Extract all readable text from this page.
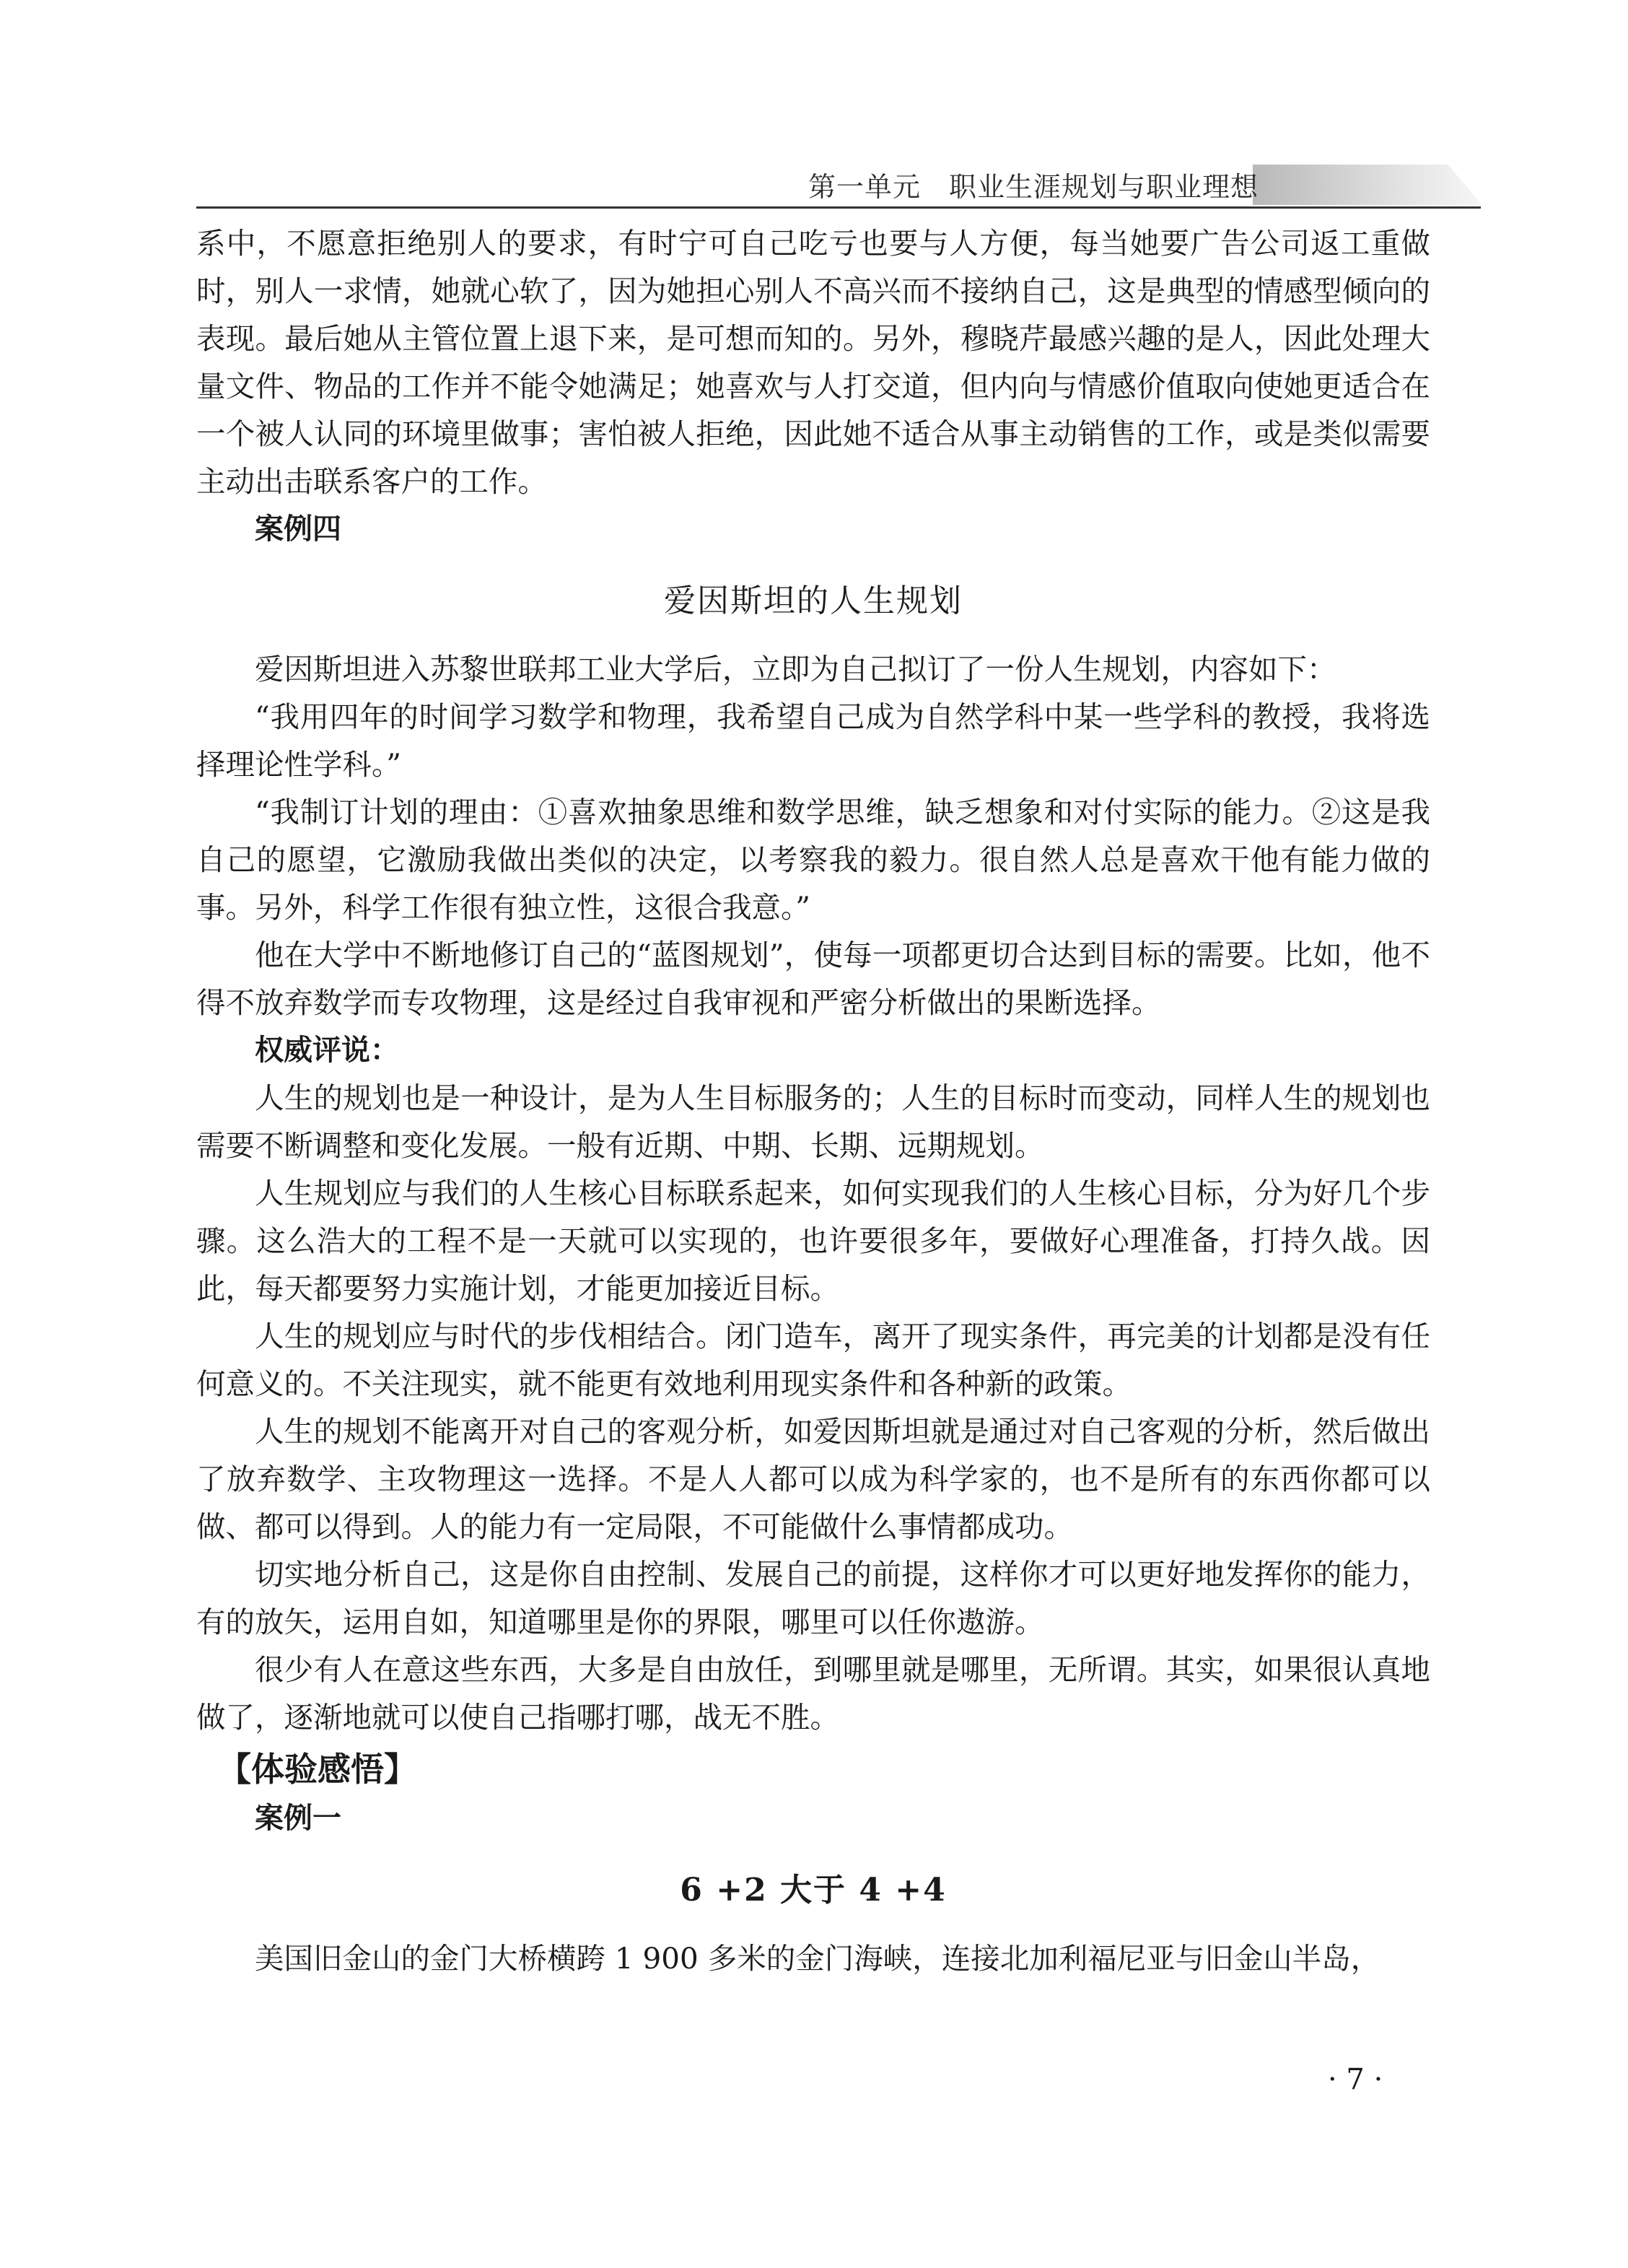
第一单元　职业生涯规划与职业理想

系中，不愿意拒绝别人的要求，有时宁可自己吃亏也要与人方便，每当她要广告公司返工重做时，别人一求情，她就心软了，因为她担心别人不高兴而不接纳自己，这是典型的情感型倾向的表现。最后她从主管位置上退下来，是可想而知的。另外，穆晓芹最感兴趣的是人，因此处理大量文件、物品的工作并不能令她满足；她喜欢与人打交道，但内向与情感价值取向使她更适合在一个被人认同的环境里做事；害怕被人拒绝，因此她不适合从事主动销售的工作，或是类似需要主动出击联系客户的工作。

案例四

爱因斯坦的人生规划

爱因斯坦进入苏黎世联邦工业大学后，立即为自己拟订了一份人生规划，内容如下：

“我用四年的时间学习数学和物理，我希望自己成为自然学科中某一些学科的教授，我将选择理论性学科。”

“我制订计划的理由：①喜欢抽象思维和数学思维，缺乏想象和对付实际的能力。②这是我自己的愿望，它激励我做出类似的决定，以考察我的毅力。很自然人总是喜欢干他有能力做的事。另外，科学工作很有独立性，这很合我意。”

他在大学中不断地修订自己的“蓝图规划”，使每一项都更切合达到目标的需要。比如，他不得不放弃数学而专攻物理，这是经过自我审视和严密分析做出的果断选择。

权威评说：

人生的规划也是一种设计，是为人生目标服务的；人生的目标时而变动，同样人生的规划也需要不断调整和变化发展。一般有近期、中期、长期、远期规划。

人生规划应与我们的人生核心目标联系起来，如何实现我们的人生核心目标，分为好几个步骤。这么浩大的工程不是一天就可以实现的，也许要很多年，要做好心理准备，打持久战。因此，每天都要努力实施计划，才能更加接近目标。

人生的规划应与时代的步伐相结合。闭门造车，离开了现实条件，再完美的计划都是没有任何意义的。不关注现实，就不能更有效地利用现实条件和各种新的政策。

人生的规划不能离开对自己的客观分析，如爱因斯坦就是通过对自己客观的分析，然后做出了放弃数学、主攻物理这一选择。不是人人都可以成为科学家的，也不是所有的东西你都可以做、都可以得到。人的能力有一定局限，不可能做什么事情都成功。

切实地分析自己，这是你自由控制、发展自己的前提，这样你才可以更好地发挥你的能力，有的放矢，运用自如，知道哪里是你的界限，哪里可以任你遨游。

很少有人在意这些东西，大多是自由放任，到哪里就是哪里，无所谓。其实，如果很认真地做了，逐渐地就可以使自己指哪打哪，战无不胜。

【体验感悟】

案例一

6 +2 大于 4 +4

美国旧金山的金门大桥横跨 1 900 多米的金门海峡，连接北加利福尼亚与旧金山半岛，

· 7 ·
